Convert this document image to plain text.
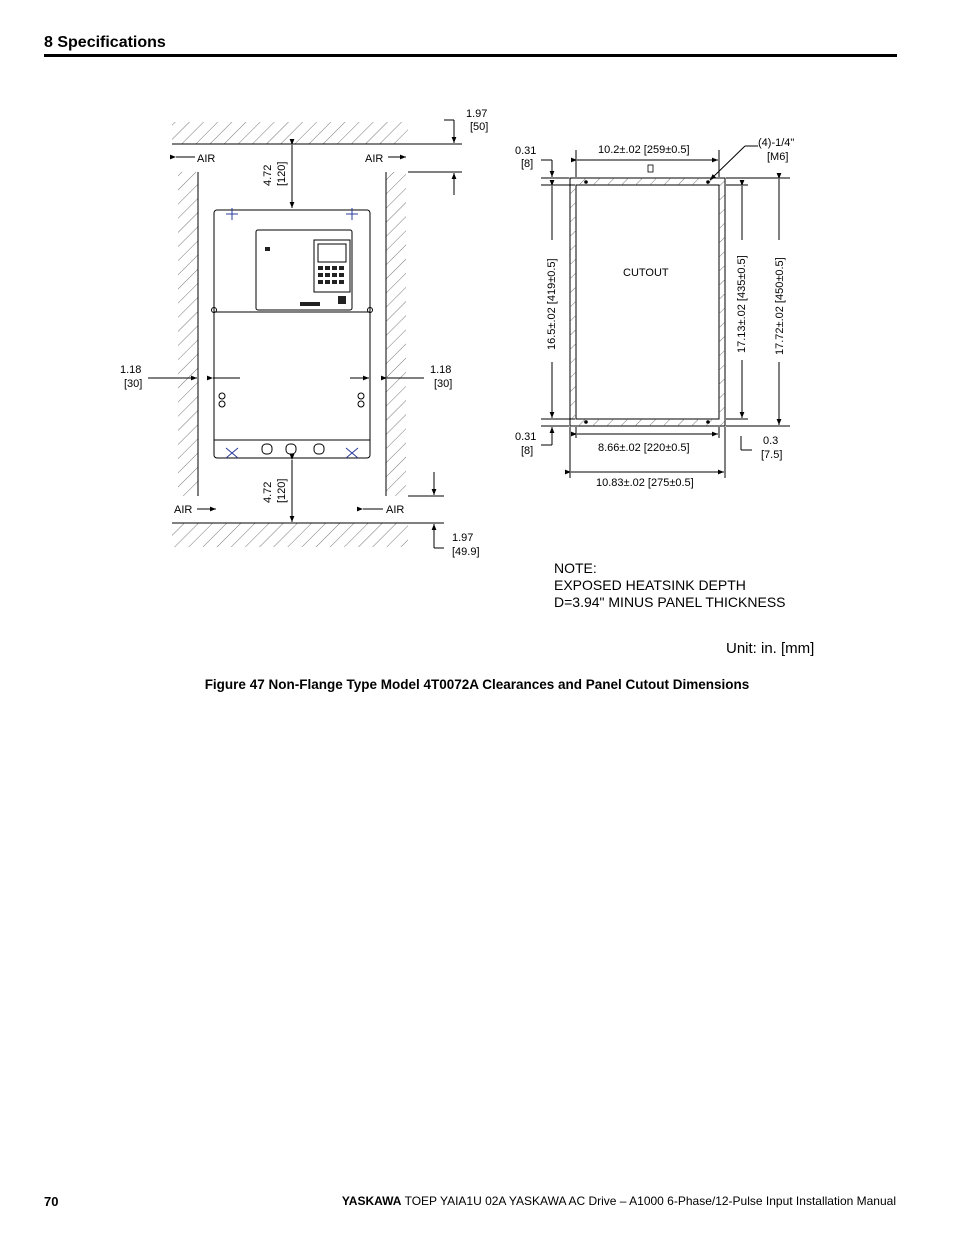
8 Specifications
AIR	AIR
AIR	AIR
1.97
[50]
4.72 [120]
1.18
[30]
1.18
[30]
4.72 [120]
1.97
[49.9]
0.31
[8]
10.2±.02 [259±0.5]
(4)-1/4"
[M6]
CUTOUT
16.5±.02 [419±0.5]	17.13±.02 [435±0.5] 17.72±.02 [450±0.5]
0.31
[8]	8.66±.02 [220±0.5]
10.83±.02 [275±0.5]
0.3
[7.5]
NOTE:
EXPOSED HEATSINK DEPTH
D=3.94" MINUS PANEL THICKNESS
Unit: in. [mm]
Figure 47 Non-Flange Type Model 4T0072A Clearances and Panel Cutout Dimensions
70	YASKAWA TOEP YAIA1U 02A YASKAWA AC Drive – A1000 6-Phase/12-Pulse Input Installation Manual
